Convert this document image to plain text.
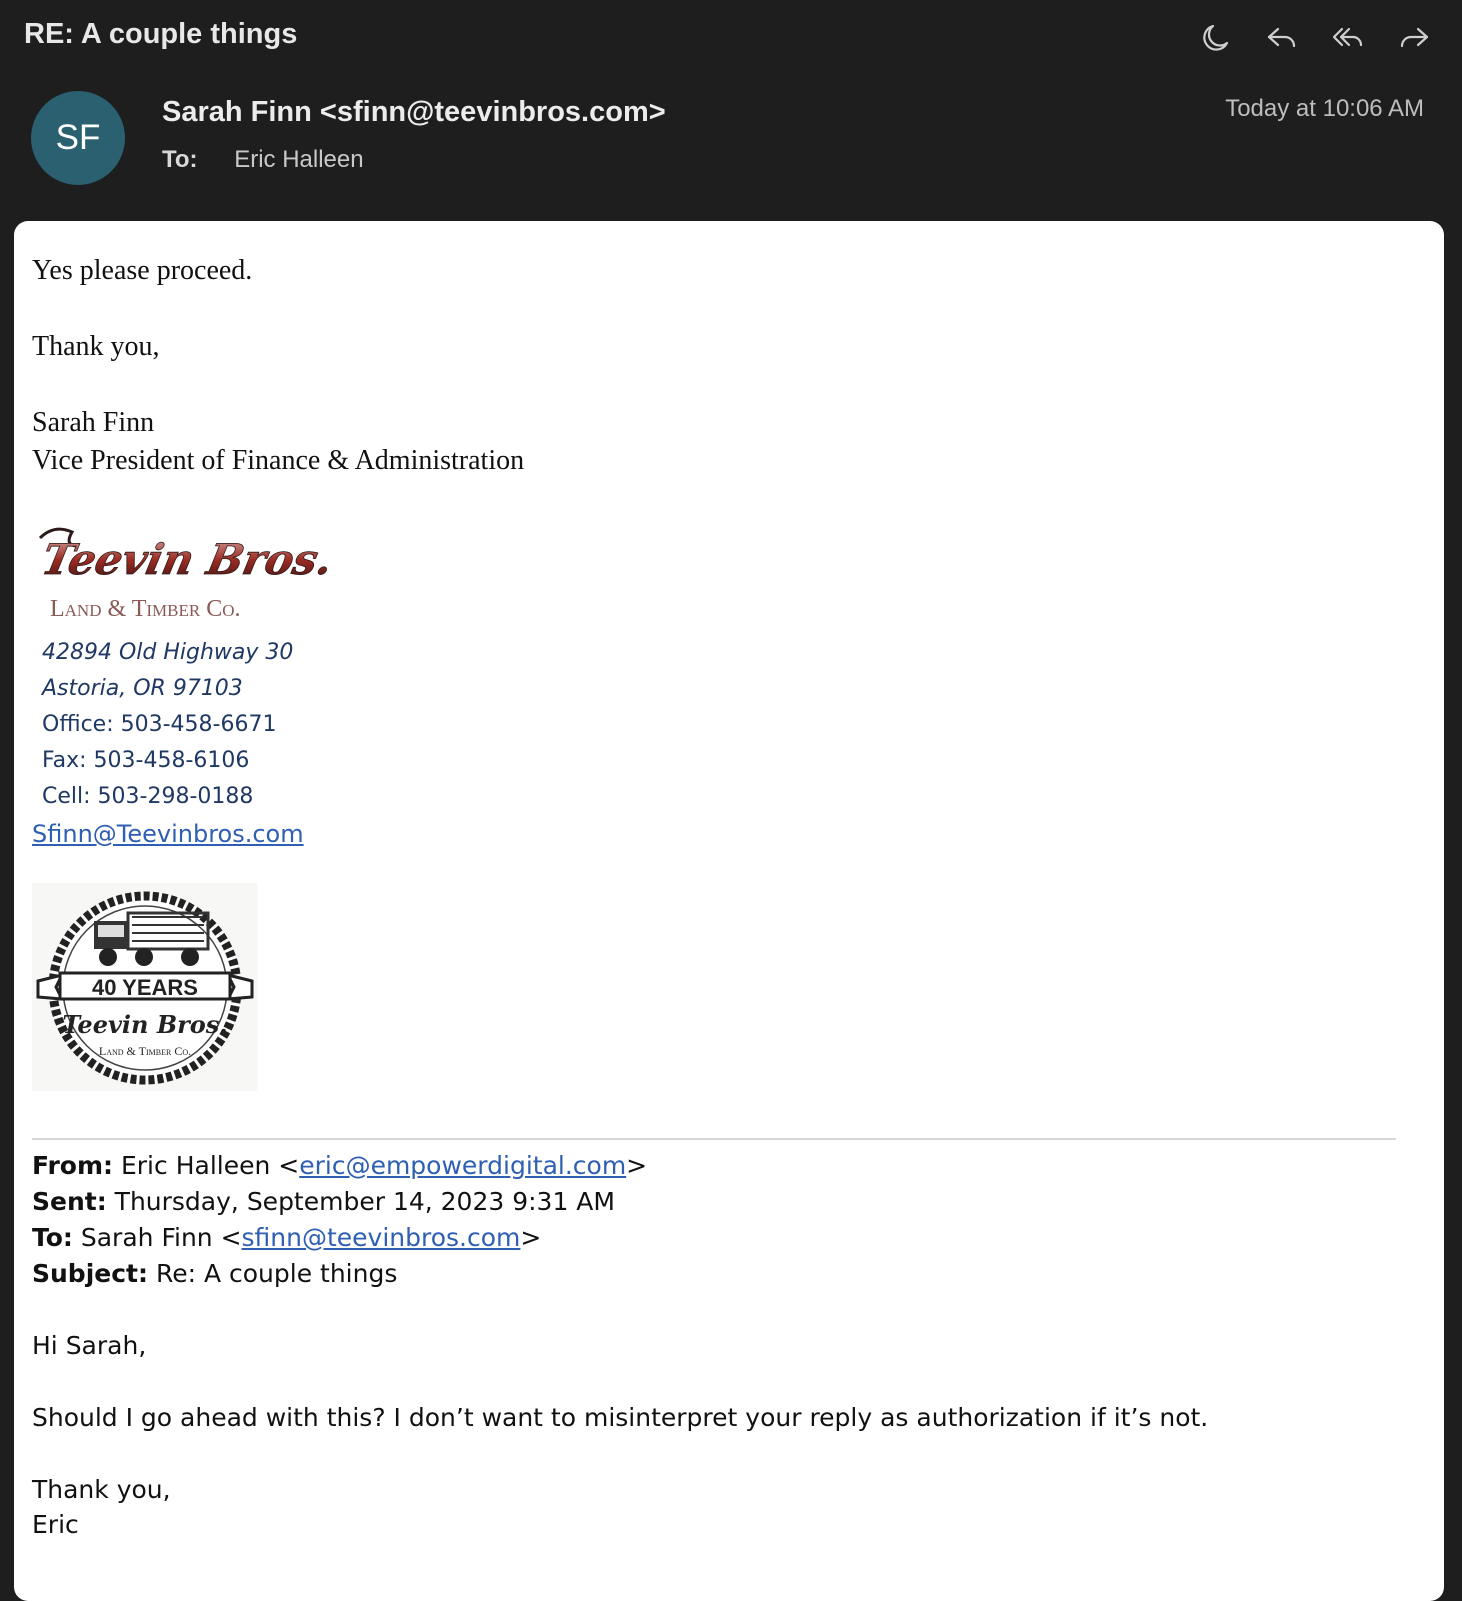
RE: A couple things
SF
Sarah Finn <sfinn@teevinbros.com>
To: Eric Halleen
Today at 10:06 AM
Yes please proceed.
Thank you,
Sarah Finn
Vice President of Finance & Administration
Teevin Bros.
Land & Timber Co.
42894 Old Highway 30
Astoria, OR 97103
Office: 503-458-6671
Fax: 503-458-6106
Cell: 503-298-0188
Sfinn@Teevinbros.com
40 YEARS
Teevin Bros.
Land & Timber Co.
From: Eric Halleen <eric@empowerdigital.com>
Sent: Thursday, September 14, 2023 9:31 AM
To: Sarah Finn <sfinn@teevinbros.com>
Subject: Re: A couple things
Hi Sarah,
Should I go ahead with this? I don’t want to misinterpret your reply as authorization if it’s not.
Thank you,
Eric
